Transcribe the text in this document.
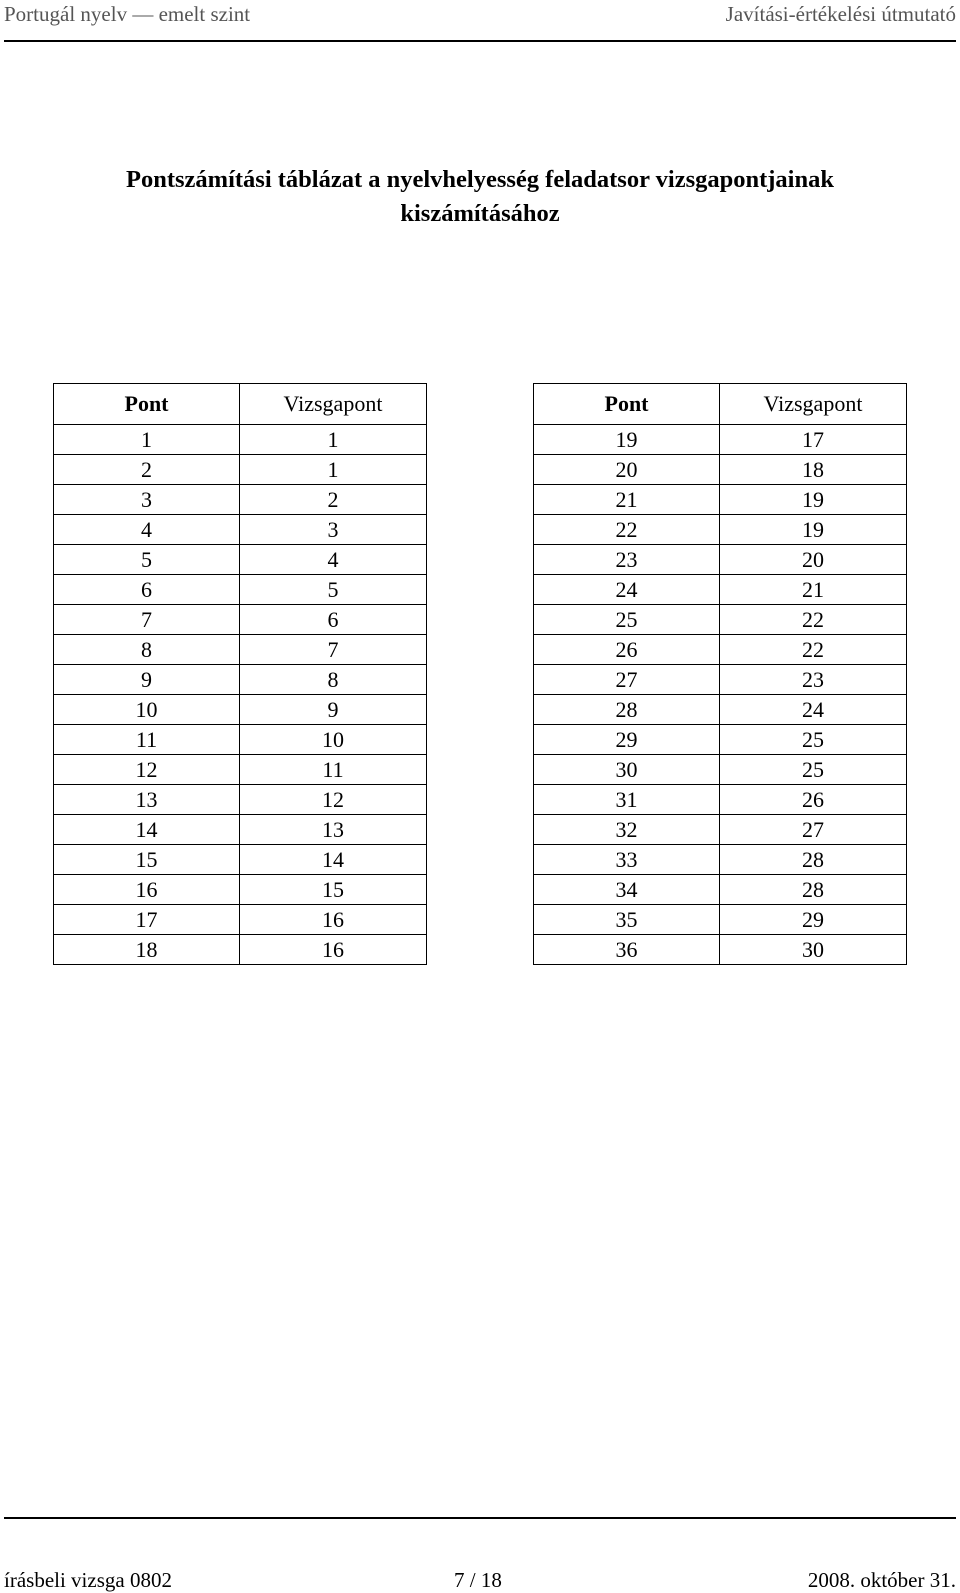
Portugál nyelv — emelt szint	Javítási-értékelési útmutató
Pontszámítási táblázat a nyelvhelyesség feladatsor vizsgapontjainak
kiszámításához
Pont	Vizsgapont
1	1
2	1
3	2
4	3
5	4
6	5
7	6
8	7
9	8
10	9
11	10
12	11
13	12
14	13
15	14
16	15
17	16
18	16
Pont	Vizsgapont
19	17
20	18
21	19
22	19
23	20
24	21
25	22
26	22
27	23
28	24
29	25
30	25
31	26
32	27
33	28
34	28
35	29
36	30
írásbeli vizsga 0802	7 / 18	2008. október 31.
